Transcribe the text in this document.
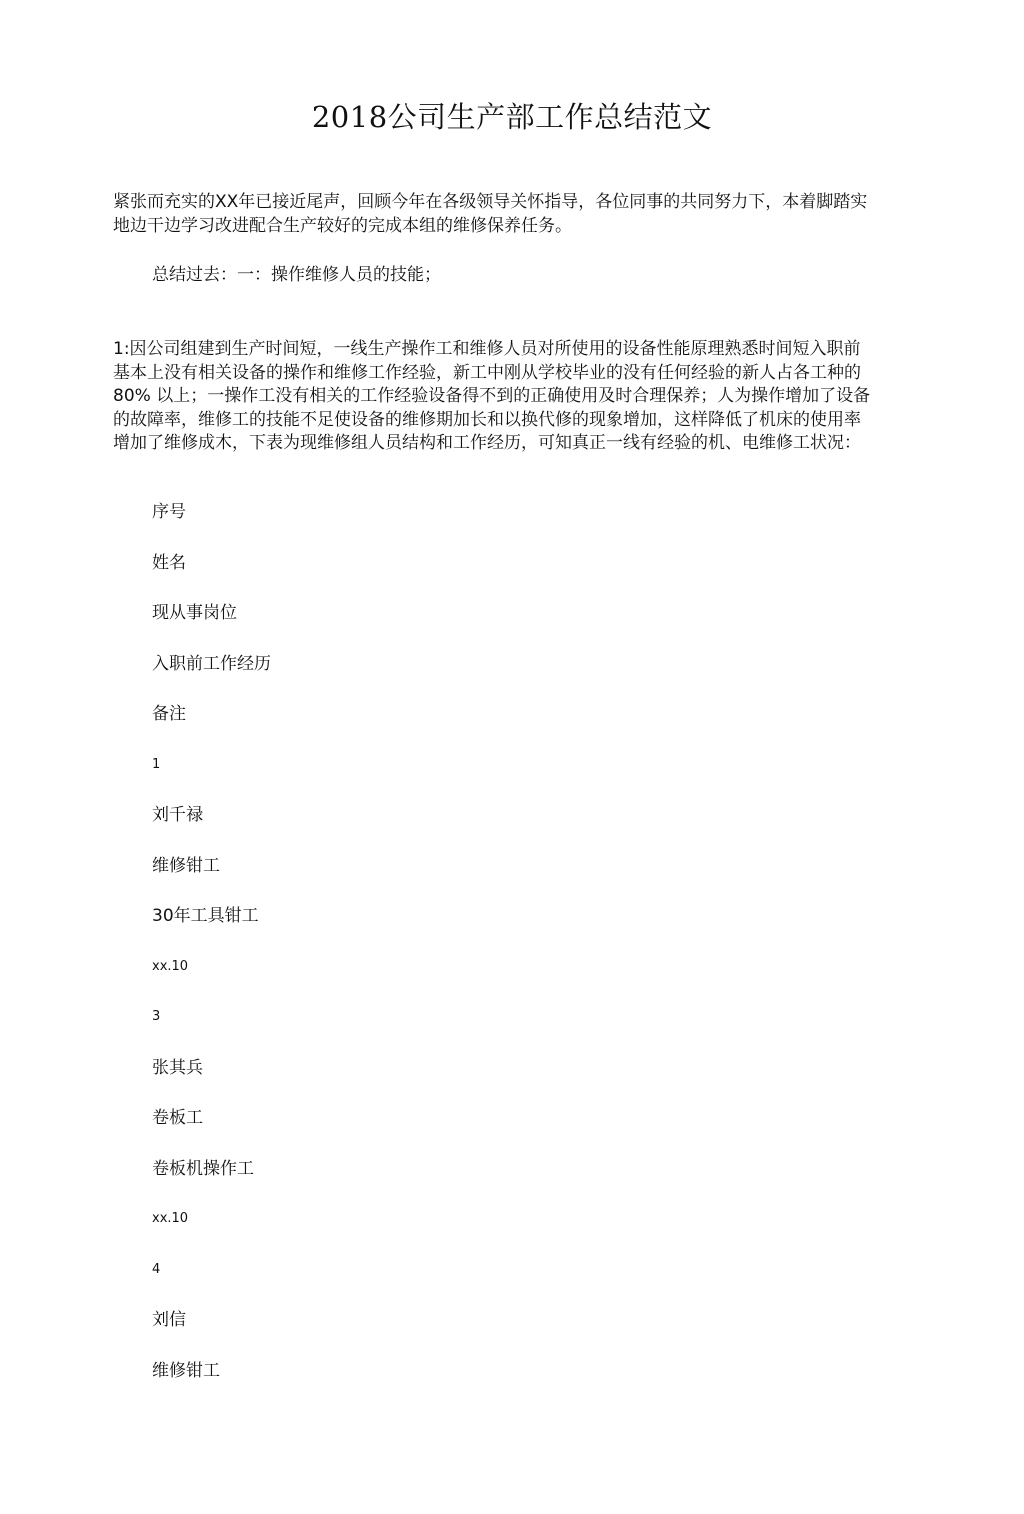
2018公司生产部工作总结范文
紧张而充实的XX年已接近尾声，回顾今年在各级领导关怀指导，各位同事的共同努力下，本着脚踏实地边干边学习改进配合生产较好的完成本组的维修保养任务。
总结过去：一：操作维修人员的技能；
1:因公司组建到生产时间短，一线生产操作工和维修人员对所使用的设备性能原理熟悉时间短入职前基本上没有相关设备的操作和维修工作经验，新工中刚从学校毕业的没有任何经验的新人占各工种的80% 以上；一操作工没有相关的工作经验设备得不到的正确使用及时合理保养；人为操作增加了设备的故障率，维修工的技能不足使设备的维修期加长和以换代修的现象增加，这样降低了机床的使用率增加了维修成木，下表为现维修组人员结构和工作经历，可知真正一线有经验的机、电维修工状况：
序号
姓名
现从事岗位
入职前工作经历
备注
1
刘千禄
维修钳工
30年工具钳工
xx.10
3
张其兵
卷板工
卷板机操作工
xx.10
4
刘信
维修钳工
